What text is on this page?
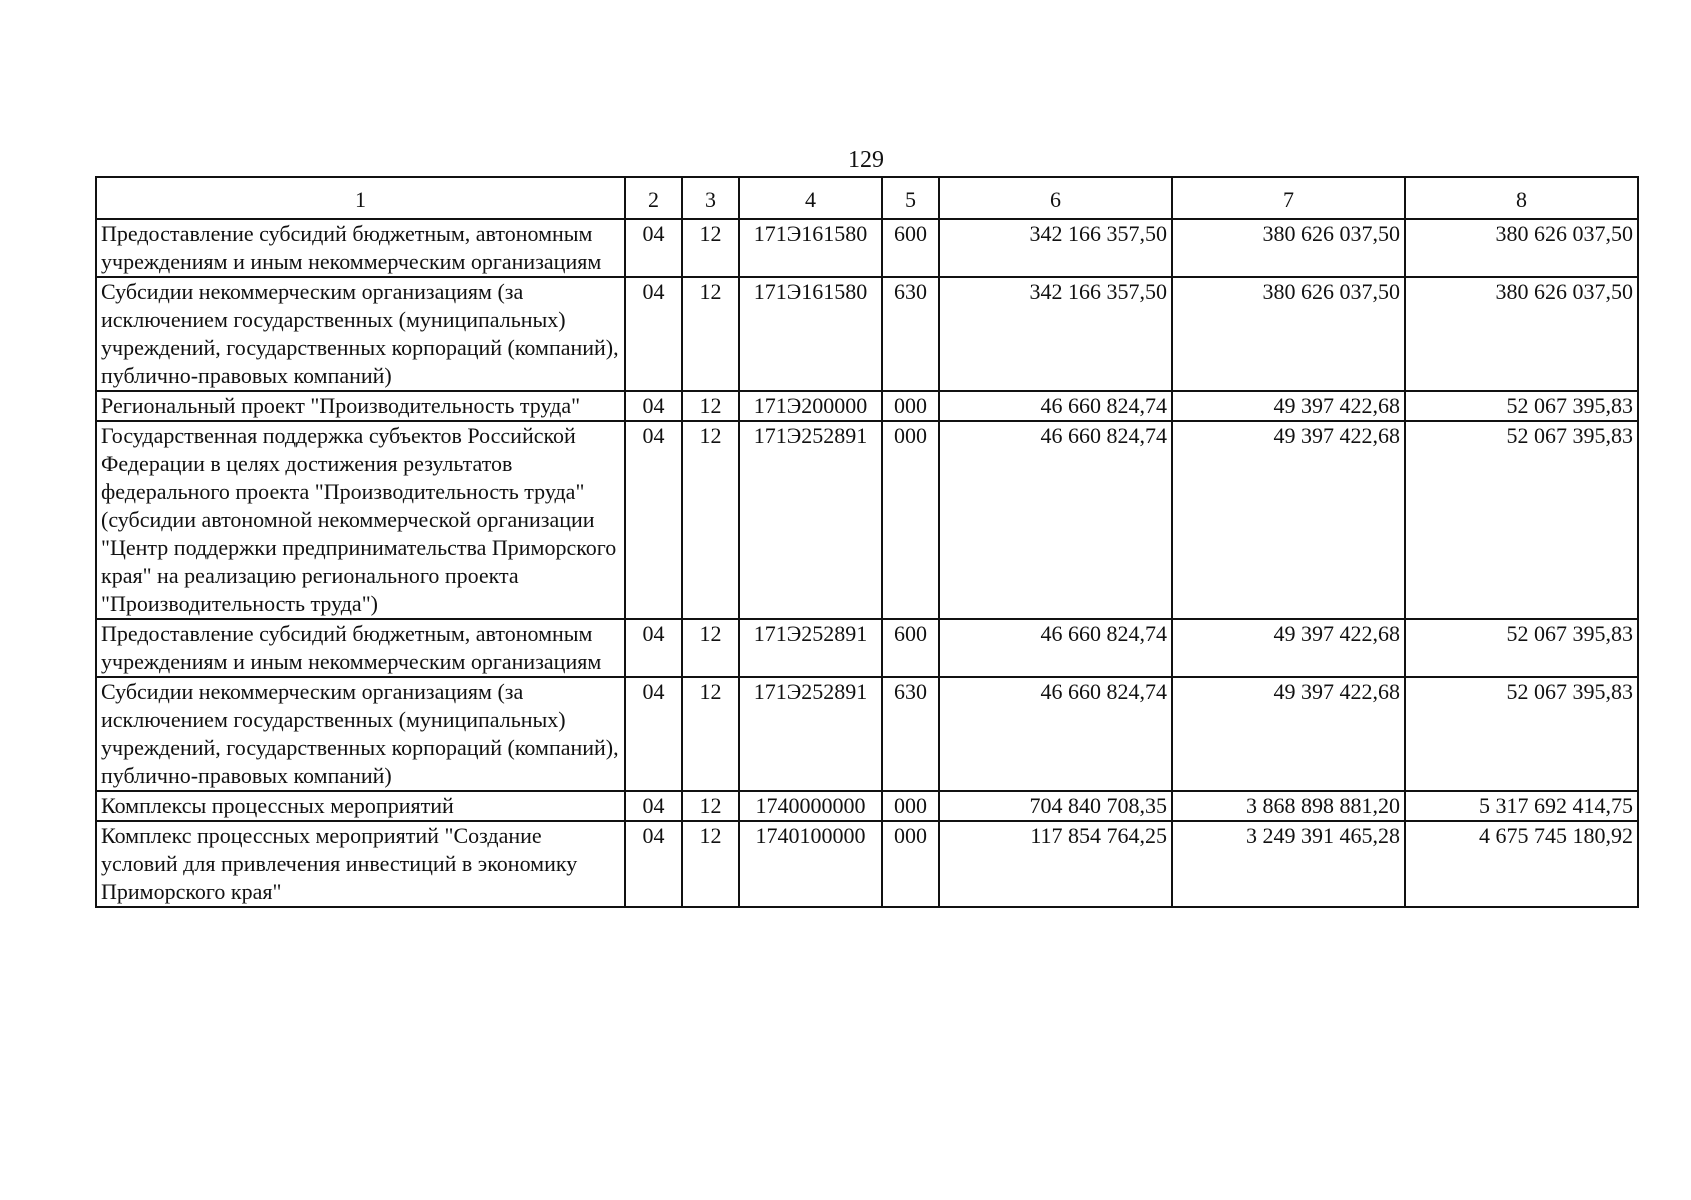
129
1	2	3	4	5	6	7	8
Предоставление субсидий бюджетным, автономным учреждениям и иным некоммерческим организациям	04	12	171Э161580	600	342 166 357,50	380 626 037,50	380 626 037,50
Субсидии некоммерческим организациям (за исключением государственных (муниципальных) учреждений, государственных корпораций (компаний), публично-правовых компаний)	04	12	171Э161580	630	342 166 357,50	380 626 037,50	380 626 037,50
Региональный проект "Производительность труда"	04	12	171Э200000	000	46 660 824,74	49 397 422,68	52 067 395,83
Государственная поддержка субъектов Российской Федерации в целях достижения результатов федерального проекта "Производительность труда" (субсидии автономной некоммерческой организации "Центр поддержки предпринимательства Приморского края" на реализацию регионального проекта "Производительность труда")	04	12	171Э252891	000	46 660 824,74	49 397 422,68	52 067 395,83
Предоставление субсидий бюджетным, автономным учреждениям и иным некоммерческим организациям	04	12	171Э252891	600	46 660 824,74	49 397 422,68	52 067 395,83
Субсидии некоммерческим организациям (за исключением государственных (муниципальных) учреждений, государственных корпораций (компаний), публично-правовых компаний)	04	12	171Э252891	630	46 660 824,74	49 397 422,68	52 067 395,83
Комплексы процессных мероприятий	04	12	1740000000	000	704 840 708,35	3 868 898 881,20	5 317 692 414,75
Комплекс процессных мероприятий "Создание условий для привлечения инвестиций в экономику Приморского края"	04	12	1740100000	000	117 854 764,25	3 249 391 465,28	4 675 745 180,92
